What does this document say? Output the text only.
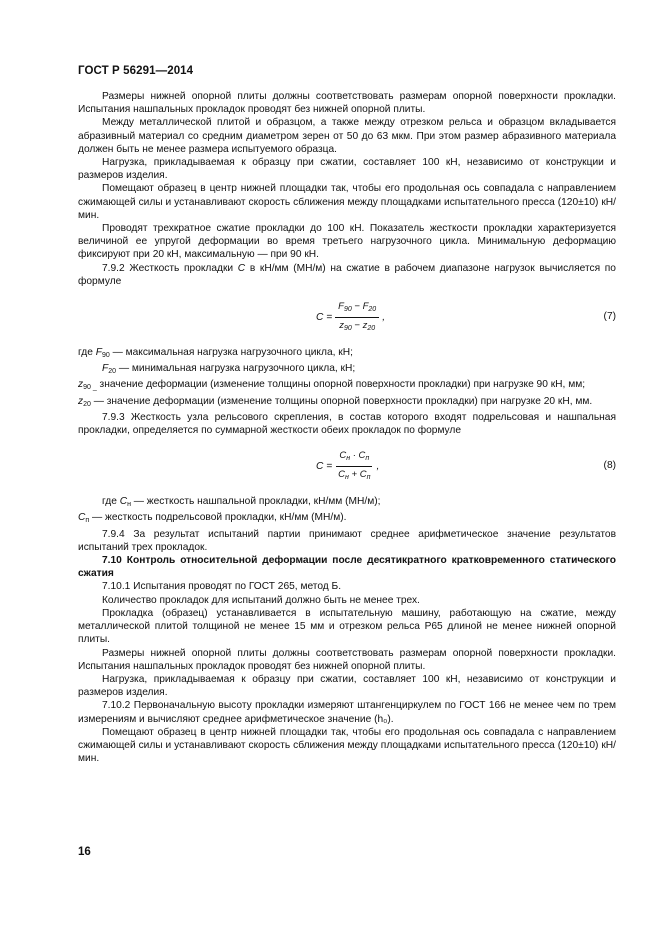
ГОСТ Р 56291—2014

Размеры нижней опорной плиты должны соответствовать размерам опорной поверхности прокладки. Испытания нашпальных прокладок проводят без нижней опорной плиты.

Между металлической плитой и образцом, а также между отрезком рельса и образцом вкладывается абразивный материал со средним диаметром зерен от 50 до 63 мкм. При этом размер абразивного материала должен быть не менее размера испытуемого образца.

Нагрузка, прикладываемая к образцу при сжатии, составляет 100 кН, независимо от конструкции и размеров изделия.

Помещают образец в центр нижней площадки так, чтобы его продольная ось совпадала с направлением сжимающей силы и устанавливают скорость сближения между площадками испытательного пресса (120±10) кН/мин.

Проводят трехкратное сжатие прокладки до 100 кН. Показатель жесткости прокладки характеризуется величиной ее упругой деформации во время третьего нагрузочного цикла. Минимальную деформацию фиксируют при 20 кН, максимальную — при 90 кН.

7.9.2 Жесткость прокладки C в кН/мм (МН/м) на сжатие в рабочем диапазоне нагрузок вычисляется по формуле

$C = \frac{F_{90} - F_{20}}{z_{90} - z_{20}}$ ,	(7)

где $F_{90}$ — максимальная нагрузка нагрузочного цикла, кН;

$F_{20}$ — минимальная нагрузка нагрузочного цикла, кН;

$z_{90 \_}$ значение деформации (изменение толщины опорной поверхности прокладки) при нагрузке 90 кН, мм;

$z_{20}$ — значение деформации (изменение толщины опорной поверхности прокладки) при нагрузке 20 кН, мм.

7.9.3 Жесткость узла рельсового скрепления, в состав которого входят подрельсовая и нашпальная прокладки, определяется по суммарной жесткости обеих прокладок по формуле

$C = \frac{C_н \cdot C_п}{C_н + C_п}$ ,	(8)

где $C_н$ — жесткость нашпальной прокладки, кН/мм (МН/м);

$C_п$ — жесткость подрельсовой прокладки, кН/мм (МН/м).

7.9.4 За результат испытаний партии принимают среднее арифметическое значение результатов испытаний трех прокладок.

7.10 Контроль относительной деформации после десятикратного кратковременного статического сжатия

7.10.1 Испытания проводят по ГОСТ 265, метод Б.

Количество прокладок для испытаний должно быть не менее трех.

Прокладка (образец) устанавливается в испытательную машину, работающую на сжатие, между металлической плитой толщиной не менее 15 мм и отрезком рельса Р65 длиной не менее нижней опорной плиты.

Размеры нижней опорной плиты должны соответствовать размерам опорной поверхности прокладки. Испытания нашпальных прокладок проводят без нижней опорной плиты.

Нагрузка, прикладываемая к образцу при сжатии, составляет 100 кН, независимо от конструкции и размеров изделия.

7.10.2 Первоначальную высоту прокладки измеряют штангенциркулем по ГОСТ 166 не менее чем по трем измерениям и вычисляют среднее арифметическое значение (h₀).

Помещают образец в центр нижней площадки так, чтобы его продольная ось совпадала с направлением сжимающей силы и устанавливают скорость сближения между площадками испытательного пресса (120±10) кН/мин.

16
